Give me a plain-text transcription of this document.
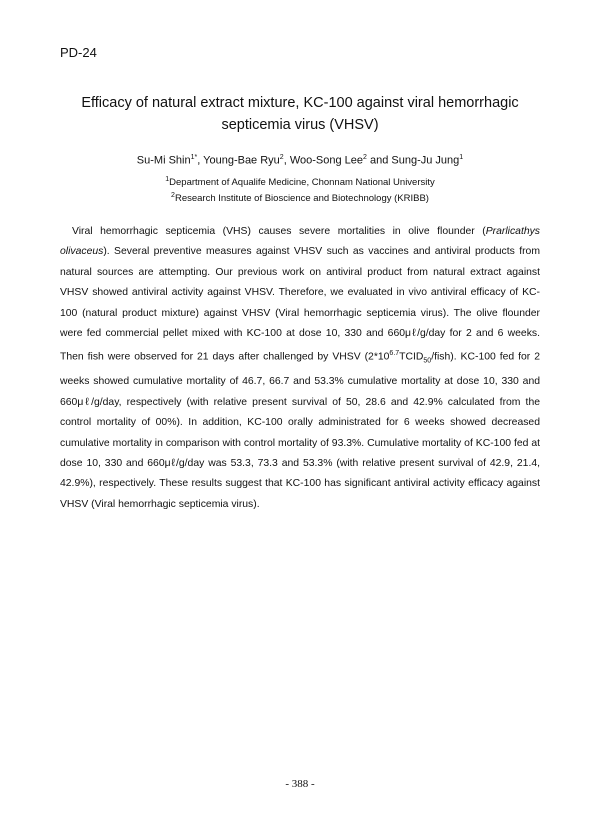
PD-24
Efficacy of natural extract mixture, KC-100 against viral hemorrhagic septicemia virus (VHSV)
Su-Mi Shin$^{1*}$, Young-Bae Ryu$^2$, Woo-Song Lee$^2$ and Sung-Ju Jung$^1$
$^1$Department of Aqualife Medicine, Chonnam National University
$^2$Research Institute of Bioscience and Biotechnology (KRIBB)

Viral hemorrhagic septicemia (VHS) causes severe mortalities in olive flounder (Prarlicathys olivaceus). Several preventive measures against VHSV such as vaccines and antiviral products from natural sources are attempting. Our previous work on antiviral product from natural extract against VHSV showed antiviral activity against VHSV. Therefore, we evaluated in vivo antiviral efficacy of KC-100 (natural product mixture) against VHSV (Viral hemorrhagic septicemia virus). The olive flounder were fed commercial pellet mixed with KC-100 at dose 10, 330 and 660μℓ/g/day for 2 and 6 weeks. Then fish were observed for 21 days after challenged by VHSV $(2*10^{6.7}TCID_{50}/fish)$. KC-100 fed for 2 weeks showed cumulative mortality of 46.7, 66.7 and 53.3% cumulative mortality at dose 10, 330 and 660μℓ/g/day, respectively (with relative present survival of 50, 28.6 and 42.9% calculated from the control mortality of 00%). In addition, KC-100 orally administrated for 6 weeks showed decreased cumulative mortality in comparison with control mortality of 93.3%. Cumulative mortality of KC-100 fed at dose 10, 330 and 660μℓ/g/day was 53.3, 73.3 and 53.3% (with relative present survival of 42.9, 21.4, 42.9%), respectively. These results suggest that KC-100 has significant antiviral activity efficacy against VHSV (Viral hemorrhagic septicemia virus).

- 388 -
